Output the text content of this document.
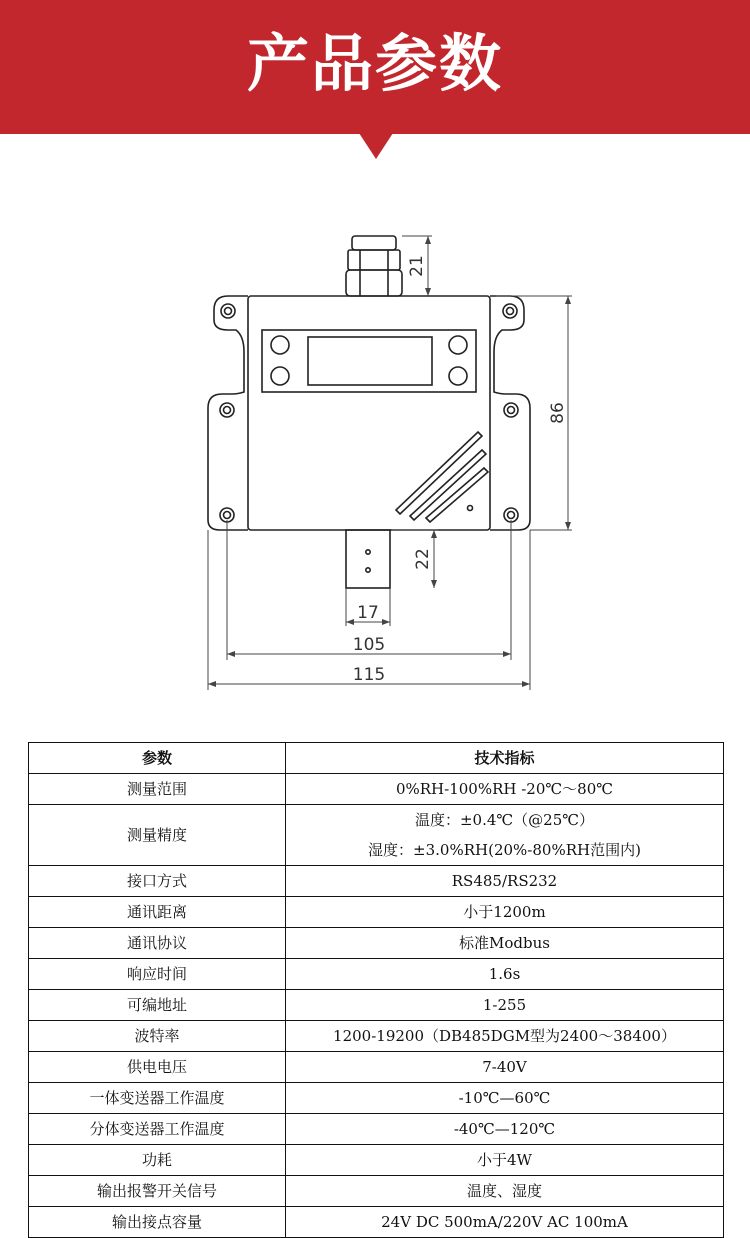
产品参数
21
86
22
17
105
115
参数	技术指标
测量范围	0%RH-100%RH -20℃～80℃
测量精度	温度：±0.4℃（@25℃）
湿度：±3.0%RH(20%-80%RH范围内)

接口方式	RS485/RS232
通讯距离	小于1200m
通讯协议	标准Modbus
响应时间	1.6s
可编地址	1-255
波特率	1200-19200（DB485DGM型为2400～38400）
供电电压	7-40V
一体变送器工作温度	-10℃—60℃
分体变送器工作温度	-40℃—120℃
功耗	小于4W
输出报警开关信号	温度、湿度
输出接点容量	24V DC 500mA/220V AC 100mA
